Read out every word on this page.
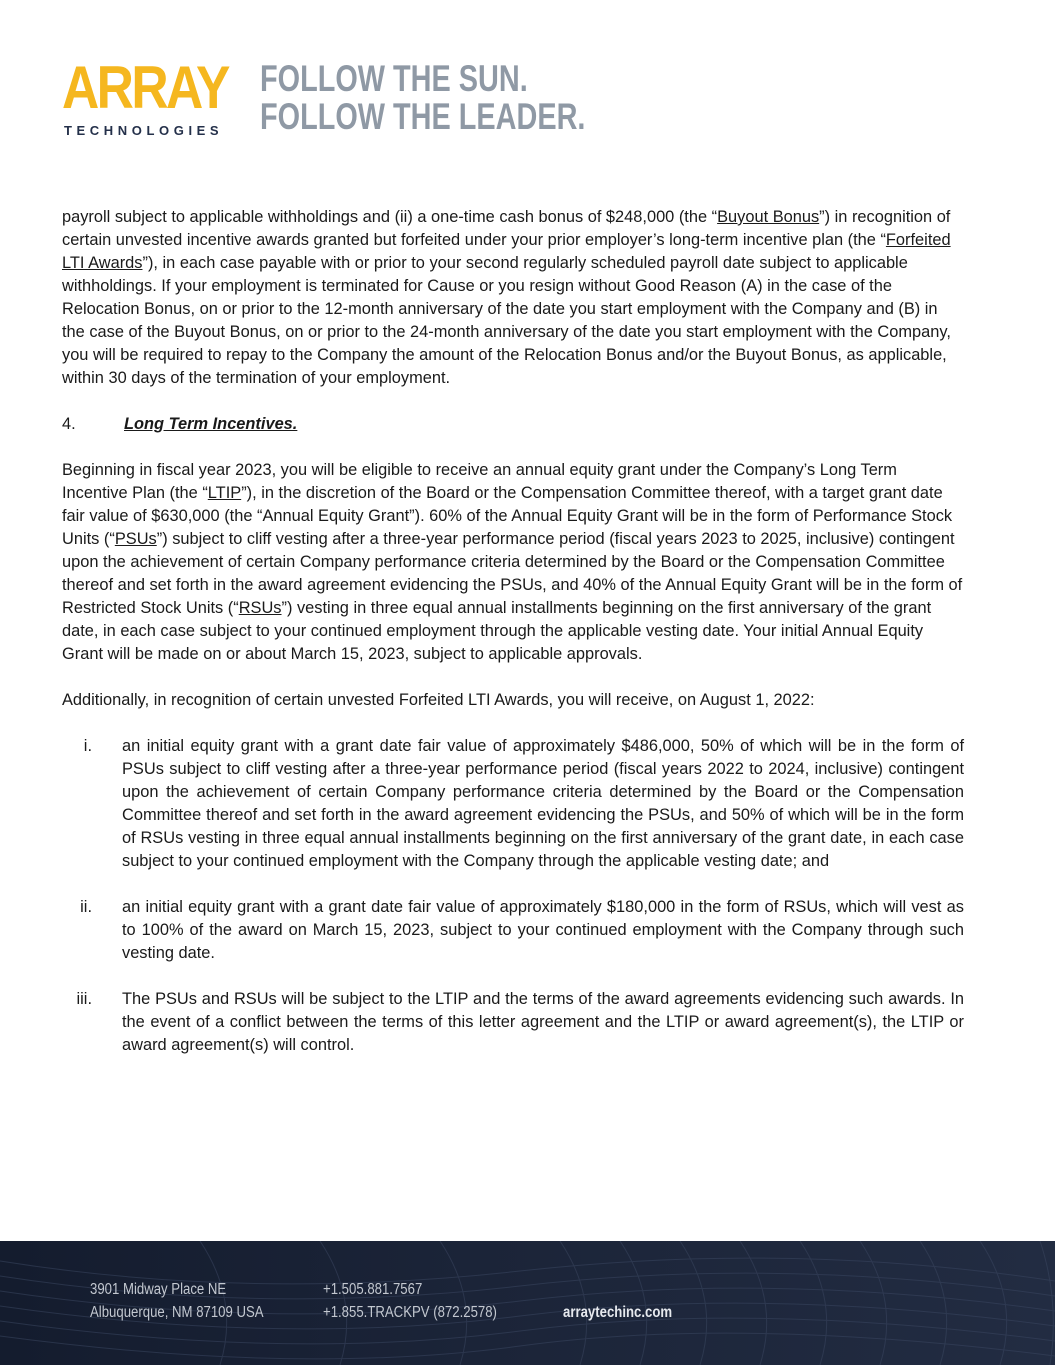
ARRAY
TECHNOLOGIES
FOLLOW THE SUN.
FOLLOW THE LEADER.

payroll subject to applicable withholdings and (ii) a one-time cash bonus of $248,000 (the “Buyout Bonus”) in recognition of certain unvested incentive awards granted but forfeited under your prior employer’s long-term incentive plan (the “Forfeited LTI Awards”), in each case payable with or prior to your second regularly scheduled payroll date subject to applicable withholdings. If your employment is terminated for Cause or you resign without Good Reason (A) in the case of the Relocation Bonus, on or prior to the 12-month anniversary of the date you start employment with the Company and (B) in the case of the Buyout Bonus, on or prior to the 24-month anniversary of the date you start employment with the Company, you will be required to repay to the Company the amount of the Relocation Bonus and/or the Buyout Bonus, as applicable, within 30 days of the termination of your employment.

4.	Long Term Incentives.

Beginning in fiscal year 2023, you will be eligible to receive an annual equity grant under the Company’s Long Term Incentive Plan (the “LTIP”), in the discretion of the Board or the Compensation Committee thereof, with a target grant date fair value of $630,000 (the “Annual Equity Grant”). 60% of the Annual Equity Grant will be in the form of Performance Stock Units (“PSUs”) subject to cliff vesting after a three-year performance period (fiscal years 2023 to 2025, inclusive) contingent upon the achievement of certain Company performance criteria determined by the Board or the Compensation Committee thereof and set forth in the award agreement evidencing the PSUs, and 40% of the Annual Equity Grant will be in the form of Restricted Stock Units (“RSUs”) vesting in three equal annual installments beginning on the first anniversary of the grant date, in each case subject to your continued employment through the applicable vesting date. Your initial Annual Equity Grant will be made on or about March 15, 2023, subject to applicable approvals.

Additionally, in recognition of certain unvested Forfeited LTI Awards, you will receive, on August 1, 2022:

i.	an initial equity grant with a grant date fair value of approximately $486,000, 50% of which will be in the form of PSUs subject to cliff vesting after a three-year performance period (fiscal years 2022 to 2024, inclusive) contingent upon the achievement of certain Company performance criteria determined by the Board or the Compensation Committee thereof and set forth in the award agreement evidencing the PSUs, and 50% of which will be in the form of RSUs vesting in three equal annual installments beginning on the first anniversary of the grant date, in each case subject to your continued employment with the Company through the applicable vesting date; and
ii.	an initial equity grant with a grant date fair value of approximately $180,000 in the form of RSUs, which will vest as to 100% of the award on March 15, 2023, subject to your continued employment with the Company through such vesting date.
iii.	The PSUs and RSUs will be subject to the LTIP and the terms of the award agreements evidencing such awards. In the event of a conflict between the terms of this letter agreement and the LTIP or award agreement(s), the LTIP or award agreement(s) will control.
3901 Midway Place NE
Albuquerque, NM 87109 USA
+1.505.881.7567
+1.855.TRACKPV (872.2578)	arraytechinc.com
